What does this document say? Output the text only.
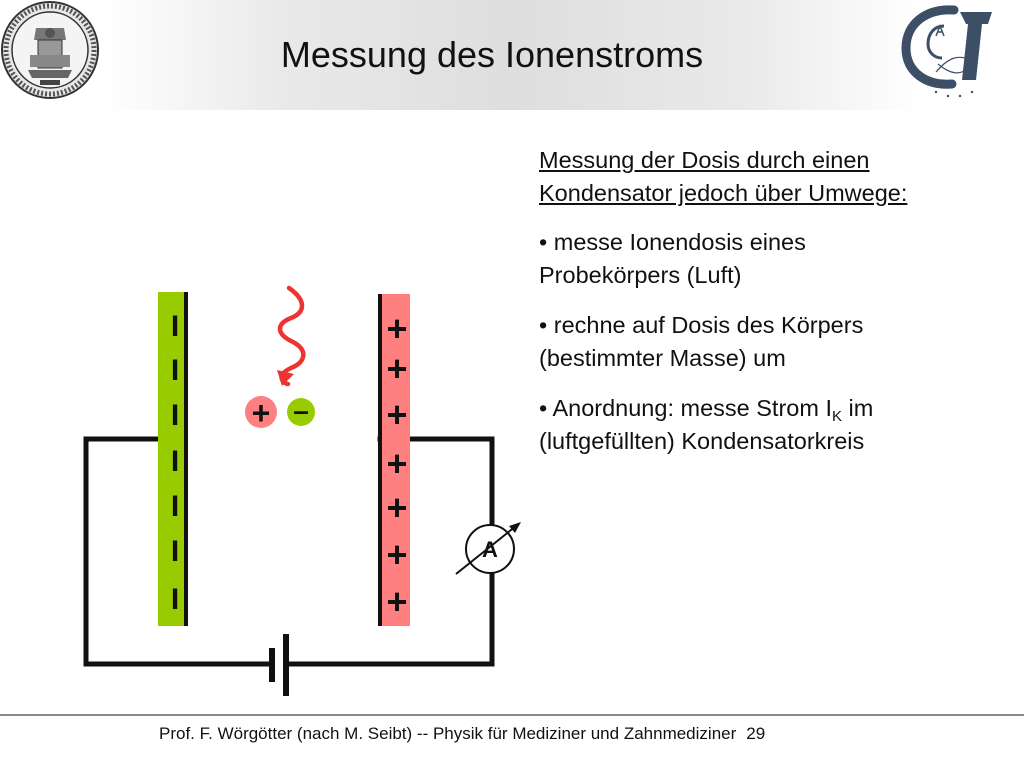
Messung des Ionenstroms
Messung der Dosis durch einen
Kondensator jedoch über Umwege:
• messe Ionendosis eines
Probekörpers (Luft)
• rechne auf Dosis des Körpers
(bestimmter Masse) um
• Anordnung: messe Strom $I_K$ im
(luftgefüllten) Kondensatorkreis
I
I
I
I
I
I
I
+
+
+
+
+
+
+
+ –
A
Prof. F. Wörgötter (nach M. Seibt) -- Physik für Mediziner und Zahnmediziner 29
